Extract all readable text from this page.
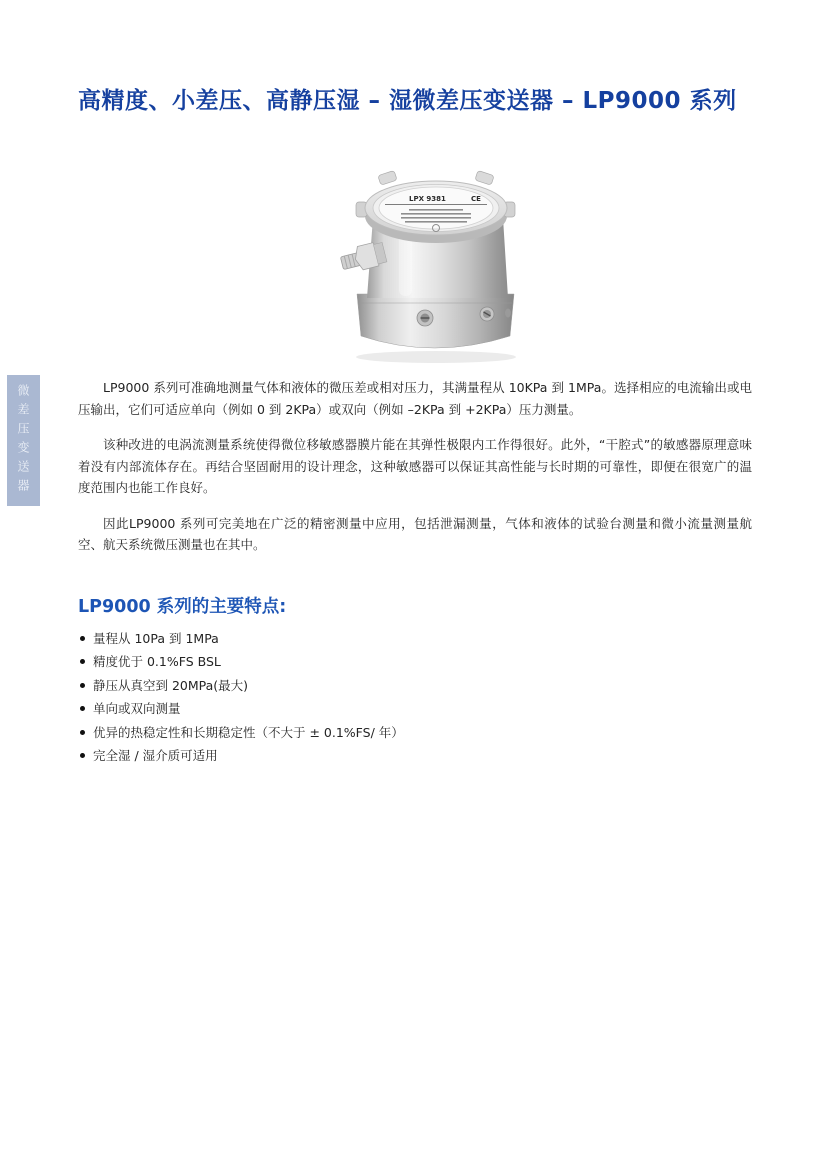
微差压变送器
高精度、小差压、高静压湿 – 湿微差压变送器 – LP9000 系列
LPX 9381	CE

LP9000 系列可准确地测量气体和液体的微压差或相对压力，其满量程从 10KPa 到 1MPa。选择相应的电流输出或电压输出，它们可适应单向（例如 0 到 2KPa）或双向（例如 –2KPa 到 +2KPa）压力测量。

该种改进的电涡流测量系统使得微位移敏感器膜片能在其弹性极限内工作得很好。此外，“干腔式”的敏感器原理意味着没有内部流体存在。再结合坚固耐用的设计理念，这种敏感器可以保证其高性能与长时期的可靠性，即便在很宽广的温度范围内也能工作良好。

因此LP9000 系列可完美地在广泛的精密测量中应用，包括泄漏测量，气体和液体的试验台测量和微小流量测量航空、航天系统微压测量也在其中。

LP9000 系列的主要特点:
量程从 10Pa 到 1MPa
精度优于 0.1%FS BSL
静压从真空到 20MPa(最大)
单向或双向测量
优异的热稳定性和长期稳定性（不大于 ± 0.1%FS/ 年）
完全湿 / 湿介质可适用
